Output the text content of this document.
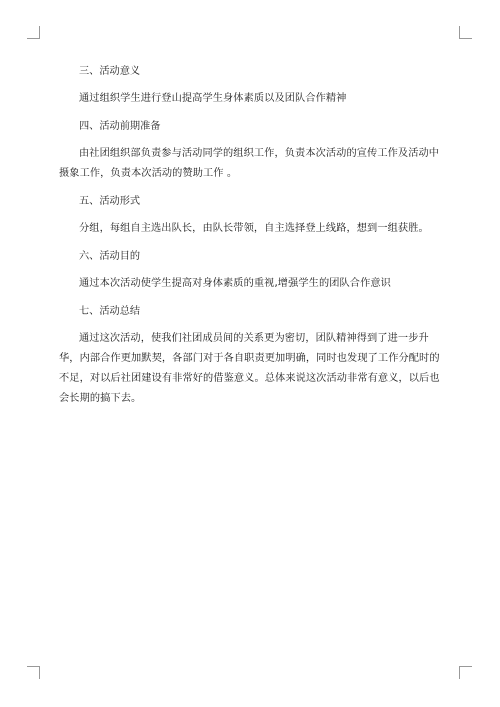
三、活动意义
通过组织学生进行登山提高学生身体素质以及团队合作精神
四、活动前期准备
由社团组织部负责参与活动同学的组织工作，负责本次活动的宣传工作及活动中摄象工作，负责本次活动的赞助工作 。
五、活动形式
分组，每组自主选出队长，由队长带领，自主选择登上线路，想到一组获胜。
六、活动目的
通过本次活动使学生提高对身体素质的重视,增强学生的团队合作意识
七、活动总结
通过这次活动，使我们社团成员间的关系更为密切，团队精神得到了进一步升华，内部合作更加默契，各部门对于各自职责更加明确，同时也发现了工作分配时的不足，对以后社团建设有非常好的借鉴意义。总体来说这次活动非常有意义，以后也会长期的搞下去。
